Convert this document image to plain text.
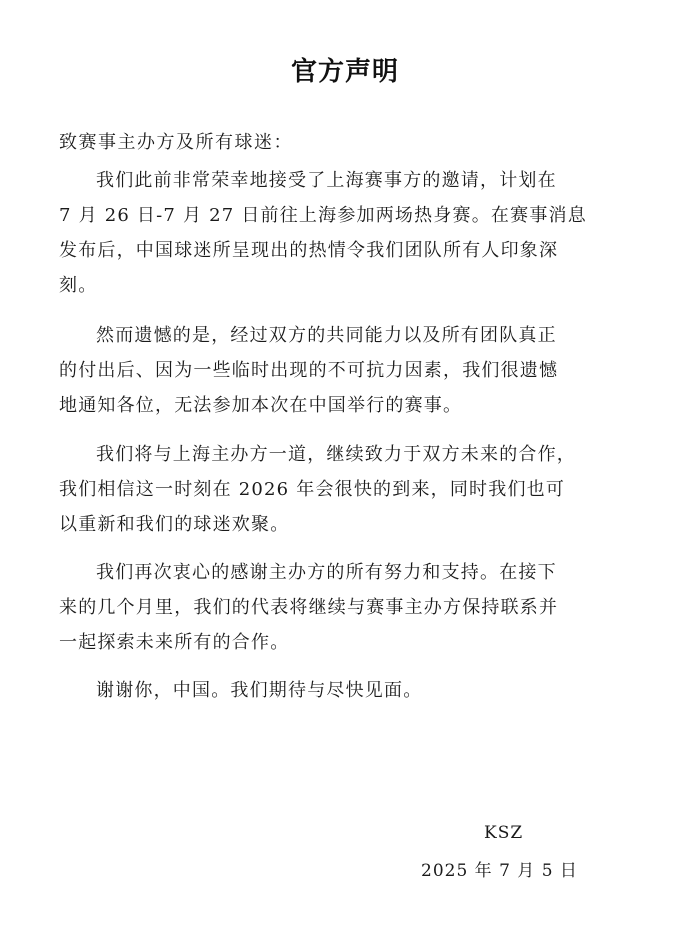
官方声明
致赛事主办方及所有球迷：
我们此前非常荣幸地接受了上海赛事方的邀请，计划在
7 月 26 日-7 月 27 日前往上海参加两场热身赛。在赛事消息
发布后，中国球迷所呈现出的热情令我们团队所有人印象深
刻。
然而遗憾的是，经过双方的共同能力以及所有团队真正
的付出后、因为一些临时出现的不可抗力因素，我们很遗憾
地通知各位，无法参加本次在中国举行的赛事。
我们将与上海主办方一道，继续致力于双方未来的合作，
我们相信这一时刻在 2026 年会很快的到来，同时我们也可
以重新和我们的球迷欢聚。
我们再次衷心的感谢主办方的所有努力和支持。在接下
来的几个月里，我们的代表将继续与赛事主办方保持联系并
一起探索未来所有的合作。
谢谢你，中国。我们期待与尽快见面。
KSZ
2025 年 7 月 5 日
